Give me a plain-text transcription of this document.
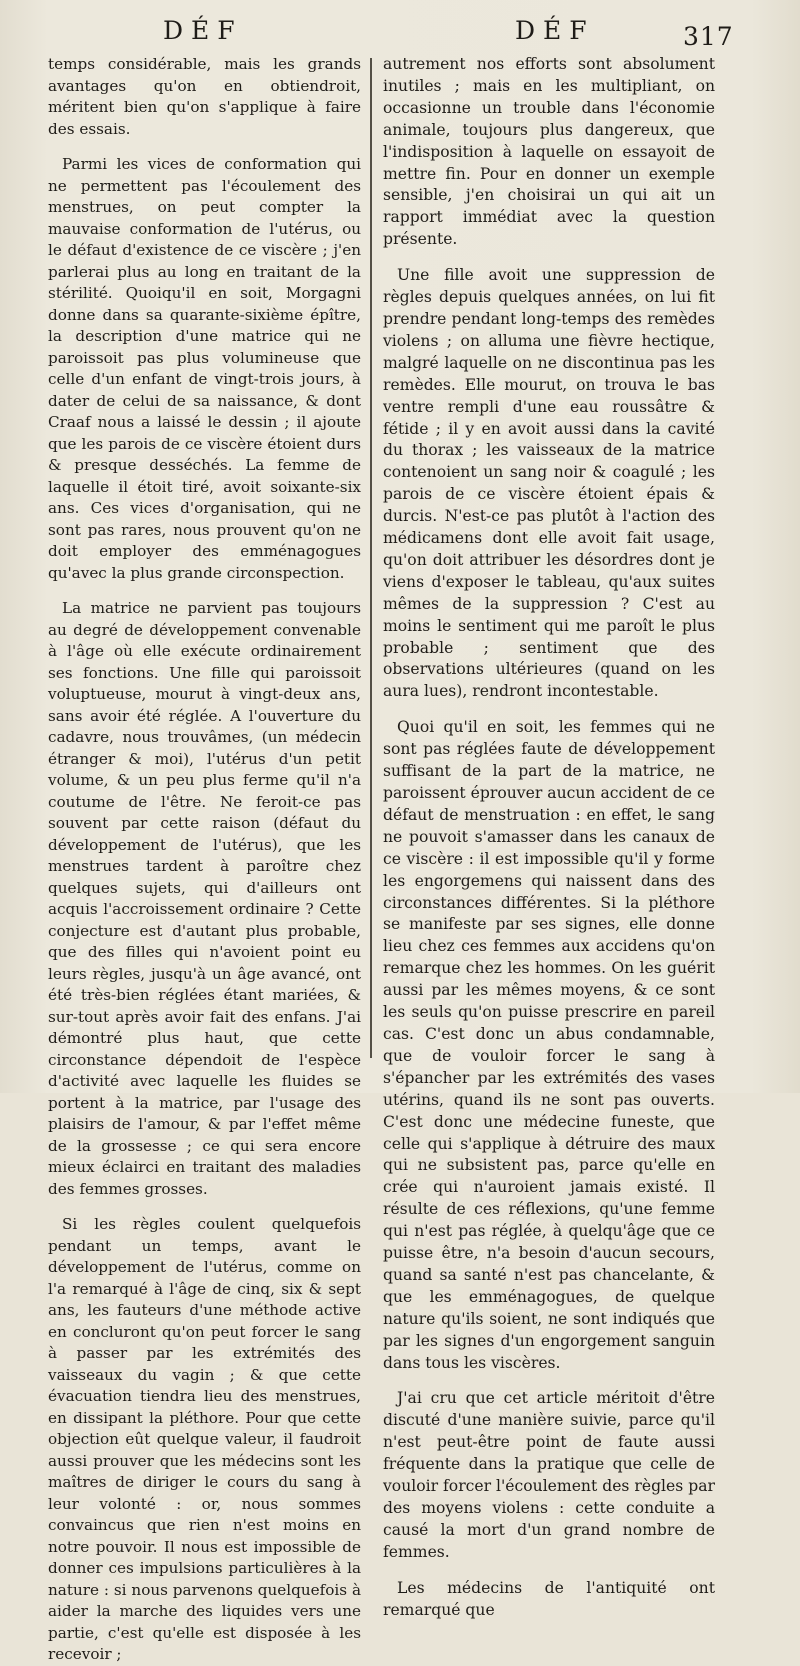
DÉF	DÉF	317

temps considérable, mais les grands avantages qu'on en obtiendroit, méritent bien qu'on s'applique à faire des essais.

Parmi les vices de conformation qui ne permettent pas l'écoulement des menstrues, on peut compter la mauvaise conformation de l'utérus, ou le défaut d'existence de ce viscère ; j'en parlerai plus au long en traitant de la stérilité. Quoiqu'il en soit, Morgagni donne dans sa quarante-sixième épître, la description d'une matrice qui ne paroissoit pas plus volumineuse que celle d'un enfant de vingt-trois jours, à dater de celui de sa naissance, & dont Craaf nous a laissé le dessin ; il ajoute que les parois de ce viscère étoient durs & presque desséchés. La femme de laquelle il étoit tiré, avoit soixante-six ans. Ces vices d'organisation, qui ne sont pas rares, nous prouvent qu'on ne doit employer des emménagogues qu'avec la plus grande circonspection.

La matrice ne parvient pas toujours au degré de développement convenable à l'âge où elle exécute ordinairement ses fonctions. Une fille qui paroissoit voluptueuse, mourut à vingt-deux ans, sans avoir été réglée. A l'ouverture du cadavre, nous trouvâmes, (un médecin étranger & moi), l'utérus d'un petit volume, & un peu plus ferme qu'il n'a coutume de l'être. Ne feroit-ce pas souvent par cette raison (défaut du développement de l'utérus), que les menstrues tardent à paroître chez quelques sujets, qui d'ailleurs ont acquis l'accroissement ordinaire ? Cette conjecture est d'autant plus probable, que des filles qui n'avoient point eu leurs règles, jusqu'à un âge avancé, ont été très-bien réglées étant mariées, & sur-tout après avoir fait des enfans. J'ai démontré plus haut, que cette circonstance dépendoit de l'espèce d'activité avec laquelle les fluides se portent à la matrice, par l'usage des plaisirs de l'amour, & par l'effet même de la grossesse ; ce qui sera encore mieux éclairci en traitant des maladies des femmes grosses.

Si les règles coulent quelquefois pendant un temps, avant le développement de l'utérus, comme on l'a remarqué à l'âge de cinq, six & sept ans, les fauteurs d'une méthode active en concluront qu'on peut forcer le sang à passer par les extrémités des vaisseaux du vagin ; & que cette évacuation tiendra lieu des menstrues, en dissipant la pléthore. Pour que cette objection eût quelque valeur, il faudroit aussi prouver que les médecins sont les maîtres de diriger le cours du sang à leur volonté : or, nous sommes convaincus que rien n'est moins en notre pouvoir. Il nous est impossible de donner ces impulsions particulières à la nature : si nous parvenons quelquefois à aider la marche des liquides vers une partie, c'est qu'elle est disposée à les recevoir ;

autrement nos efforts sont absolument inutiles ; mais en les multipliant, on occasionne un trouble dans l'économie animale, toujours plus dangereux, que l'indisposition à laquelle on essayoit de mettre fin. Pour en donner un exemple sensible, j'en choisirai un qui ait un rapport immédiat avec la question présente.

Une fille avoit une suppression de règles depuis quelques années, on lui fit prendre pendant long-temps des remèdes violens ; on alluma une fièvre hectique, malgré laquelle on ne discontinua pas les remèdes. Elle mourut, on trouva le bas ventre rempli d'une eau roussâtre & fétide ; il y en avoit aussi dans la cavité du thorax ; les vaisseaux de la matrice contenoient un sang noir & coagulé ; les parois de ce viscère étoient épais & durcis. N'est-ce pas plutôt à l'action des médicamens dont elle avoit fait usage, qu'on doit attribuer les désordres dont je viens d'exposer le tableau, qu'aux suites mêmes de la suppression ? C'est au moins le sentiment qui me paroît le plus probable ; sentiment que des observations ultérieures (quand on les aura lues), rendront incontestable.

Quoi qu'il en soit, les femmes qui ne sont pas réglées faute de développement suffisant de la part de la matrice, ne paroissent éprouver aucun accident de ce défaut de menstruation : en effet, le sang ne pouvoit s'amasser dans les canaux de ce viscère : il est impossible qu'il y forme les engorgemens qui naissent dans des circonstances différentes. Si la pléthore se manifeste par ses signes, elle donne lieu chez ces femmes aux accidens qu'on remarque chez les hommes. On les guérit aussi par les mêmes moyens, & ce sont les seuls qu'on puisse prescrire en pareil cas. C'est donc un abus condamnable, que de vouloir forcer le sang à s'épancher par les extrémités des vases utérins, quand ils ne sont pas ouverts. C'est donc une médecine funeste, que celle qui s'applique à détruire des maux qui ne subsistent pas, parce qu'elle en crée qui n'auroient jamais existé. Il résulte de ces réflexions, qu'une femme qui n'est pas réglée, à quelqu'âge que ce puisse être, n'a besoin d'aucun secours, quand sa santé n'est pas chancelante, & que les emménagogues, de quelque nature qu'ils soient, ne sont indiqués que par les signes d'un engorgement sanguin dans tous les viscères.

J'ai cru que cet article méritoit d'être discuté d'une manière suivie, parce qu'il n'est peut-être point de faute aussi fréquente dans la pratique que celle de vouloir forcer l'écoulement des règles par des moyens violens : cette conduite a causé la mort d'un grand nombre de femmes.

Les médecins de l'antiquité ont remarqué que
